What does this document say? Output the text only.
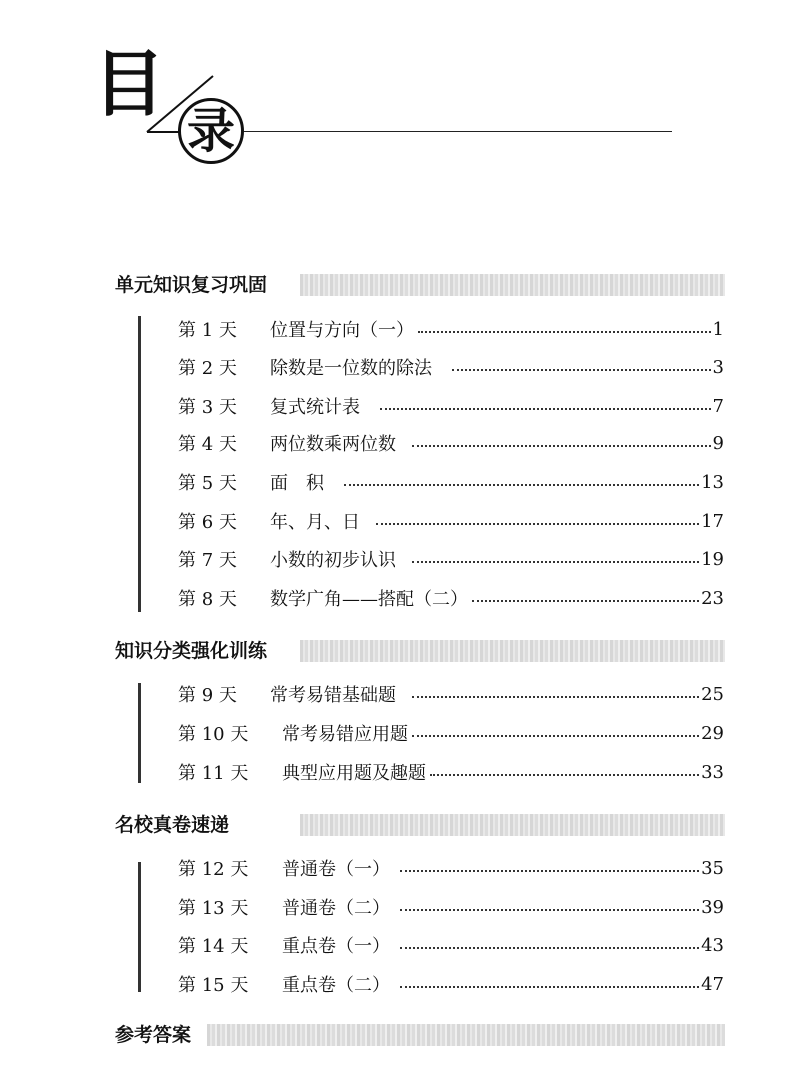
目
录
单元知识复习巩固
第 1 天	位置与方向（一）	1
第 2 天	除数是一位数的除法	3
第 3 天	复式统计表	7
第 4 天	两位数乘两位数	9
第 5 天	面　积	13
第 6 天	年、月、日	17
第 7 天	小数的初步认识	19
第 8 天	数学广角——搭配（二）	23
知识分类强化训练
第 9 天	常考易错基础题	25
第 10 天	常考易错应用题	29
第 11 天	典型应用题及趣题	33
名校真卷速递
第 12 天	普通卷（一）	35
第 13 天	普通卷（二）	39
第 14 天	重点卷（一）	43
第 15 天	重点卷（二）	47
参考答案
